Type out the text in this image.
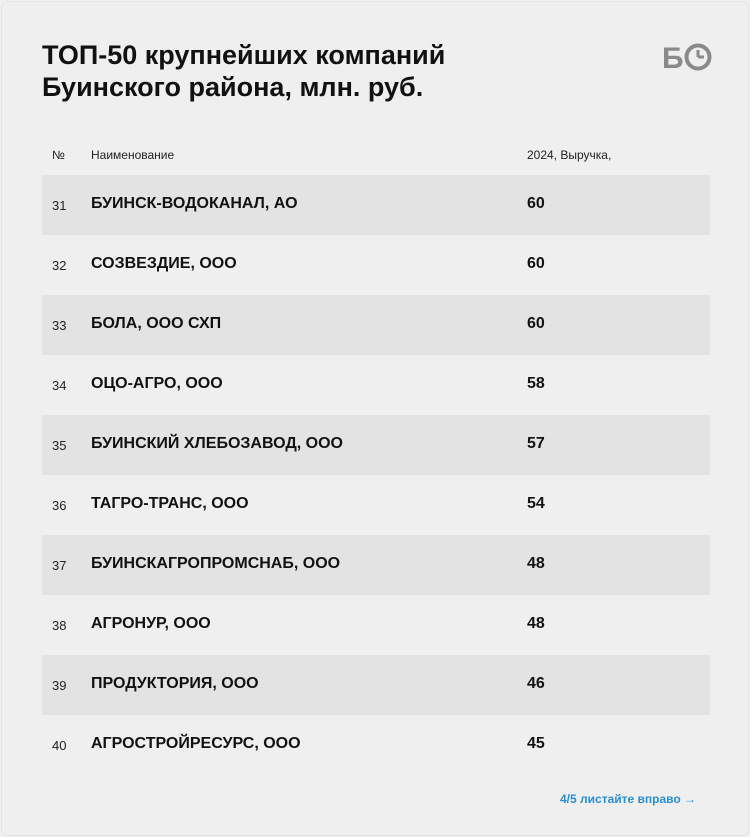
ТОП-50 крупнейших компаний
Буинского района, млн. руб.
Б
№ Наименование	2024, Выручка,
31 БУИНСК-ВОДОКАНАЛ, АО	60
32 СОЗВЕЗДИЕ, ООО	60
33 БОЛА, ООО СХП	60
34 ОЦО-АГРО, ООО	58
35 БУИНСКИЙ ХЛЕБОЗАВОД, ООО	57
36 ТАГРО-ТРАНС, ООО	54
37 БУИНСКАГРОПРОМСНАБ, ООО	48
38 АГРОНУР, ООО	48
39 ПРОДУКТОРИЯ, ООО	46
40 АГРОСТРОЙРЕСУРС, ООО	45
4/5 листайте вправо →
